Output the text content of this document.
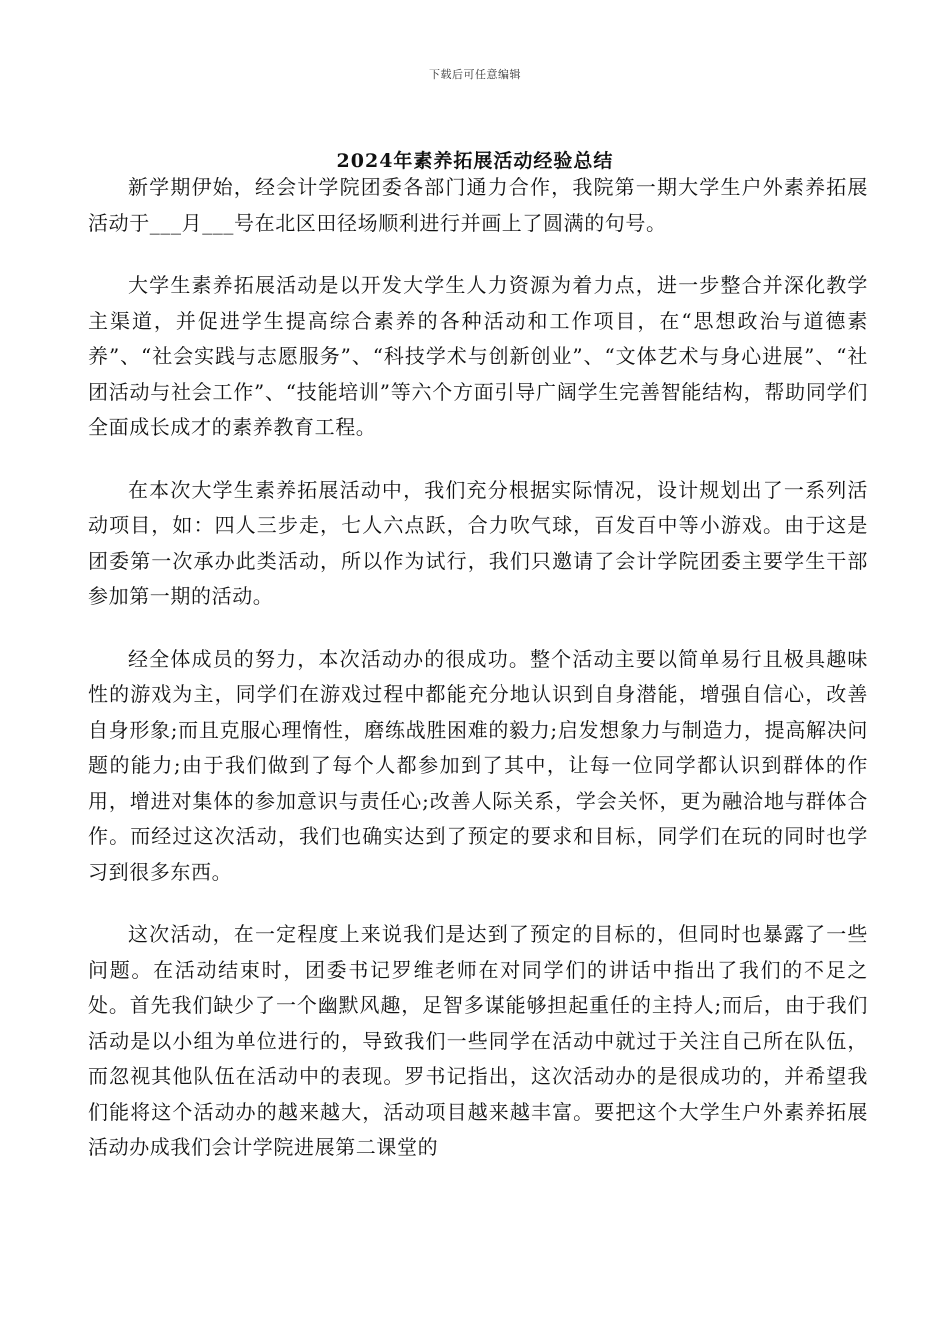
下载后可任意编辑
2024年素养拓展活动经验总结

新学期伊始，经会计学院团委各部门通力合作，我院第一期大学生户外素养拓展活动于___月___号在北区田径场顺利进行并画上了圆满的句号。

大学生素养拓展活动是以开发大学生人力资源为着力点，进一步整合并深化教学主渠道，并促进学生提高综合素养的各种活动和工作项目，在“思想政治与道德素养”、“社会实践与志愿服务”、“科技学术与创新创业”、“文体艺术与身心进展”、“社团活动与社会工作”、“技能培训”等六个方面引导广阔学生完善智能结构，帮助同学们全面成长成才的素养教育工程。

在本次大学生素养拓展活动中，我们充分根据实际情况，设计规划出了一系列活动项目，如：四人三步走，七人六点跃，合力吹气球，百发百中等小游戏。由于这是团委第一次承办此类活动，所以作为试行，我们只邀请了会计学院团委主要学生干部参加第一期的活动。

经全体成员的努力，本次活动办的很成功。整个活动主要以简单易行且极具趣味性的游戏为主，同学们在游戏过程中都能充分地认识到自身潜能，增强自信心，改善自身形象;而且克服心理惰性，磨练战胜困难的毅力;启发想象力与制造力，提高解决问题的能力;由于我们做到了每个人都参加到了其中，让每一位同学都认识到群体的作用，增进对集体的参加意识与责任心;改善人际关系，学会关怀，更为融洽地与群体合作。而经过这次活动，我们也确实达到了预定的要求和目标，同学们在玩的同时也学习到很多东西。

这次活动，在一定程度上来说我们是达到了预定的目标的，但同时也暴露了一些问题。在活动结束时，团委书记罗维老师在对同学们的讲话中指出了我们的不足之处。首先我们缺少了一个幽默风趣，足智多谋能够担起重任的主持人;而后，由于我们活动是以小组为单位进行的，导致我们一些同学在活动中就过于关注自己所在队伍，而忽视其他队伍在活动中的表现。罗书记指出，这次活动办的是很成功的，并希望我们能将这个活动办的越来越大，活动项目越来越丰富。要把这个大学生户外素养拓展活动办成我们会计学院进展第二课堂的
